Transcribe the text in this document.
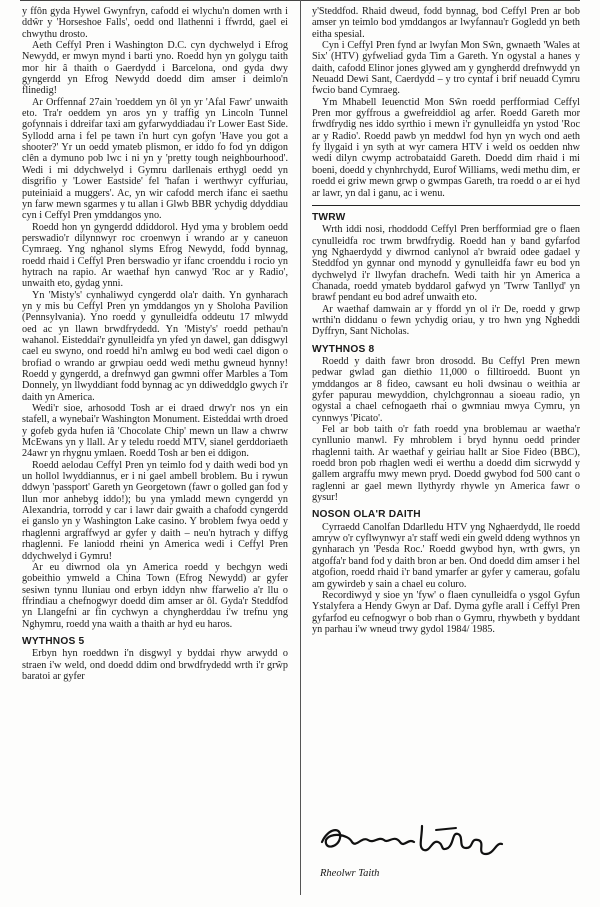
y ffôn gyda Hywel Gwynfryn, cafodd ei wlychu'n domen wrth i ddŵr y 'Horseshoe Falls', oedd ond llathenni i ffwrdd, gael ei chwythu drosto.

Aeth Ceffyl Pren i Washington D.C. cyn dychwelyd i Efrog Newydd, er mwyn mynd i barti yno. Roedd hyn yn golygu taith mor hir â thaith o Gaerdydd i Barcelona, ond gyda dwy gyngerdd yn Efrog Newydd doedd dim amser i deimlo'n flinedig!

Ar Orffennaf 27ain 'roeddem yn ôl yn yr 'Afal Fawr' unwaith eto. Tra'r oeddem yn aros yn y traffig yn Lincoln Tunnel gofynnais i ddreifar taxi am gyfarwyddiadau i'r Lower East Side. Syllodd arna i fel pe tawn i'n hurt cyn gofyn 'Have you got a shooter?' Yr un oedd ymateb plismon, er iddo fo fod yn ddigon clên a dymuno pob lwc i ni yn y 'pretty tough neighbourhood'. Wedi i mi ddychwelyd i Gymru darllenais erthygl oedd yn disgrifio y 'Lower Eastside' fel 'hafan i werthwyr cyffuriau, puteiniaid a muggers'. Ac, yn wir cafodd merch ifanc ei saethu yn farw mewn sgarmes y tu allan i Glwb BBR ychydig ddyddiau cyn i Ceffyl Pren ymddangos yno.

Roedd hon yn gyngerdd ddiddorol. Hyd yma y broblem oedd perswadio'r dilynnwyr roc croenwyn i wrando ar y caneuon Cymraeg. Yng nghanol slyms Efrog Newydd, fodd bynnag, roedd rhaid i Ceffyl Pren berswadio yr ifanc croenddu i rocio yn hytrach na rapio. Ar waethaf hyn canwyd 'Roc ar y Radio', unwaith eto, gydag ynni.

Yn 'Misty's' cynhaliwyd cyngerdd ola'r daith. Yn gynharach yn y mis bu Ceffyl Pren yn ymddangos yn y Sholoha Pavilion (Pennsylvania). Yno roedd y gynulleidfa oddeutu 17 mlwydd oed ac yn llawn brwdfrydedd. Yn 'Misty's' roedd pethau'n wahanol. Eisteddai'r gynulleidfa yn yfed yn dawel, gan ddisgwyl cael eu swyno, ond roedd hi'n amlwg eu bod wedi cael digon o brofiad o wrando ar grwpiau oedd wedi methu gwneud hynny! Roedd y gyngerdd, a drefnwyd gan gwmni offer Marbles a Tom Donnely, yn llwyddiant fodd bynnag ac yn ddiweddglo gwych i'r daith yn America.

Wedi'r sioe, arhosodd Tosh ar ei draed drwy'r nos yn ein stafell, a wynebai'r Washington Monument. Eisteddai wrth droed y gofeb gyda hufen iâ 'Chocolate Chip' mewn un llaw a chwrw McEwans yn y llall. Ar y teledu roedd MTV, sianel gerddoriaeth 24awr yn rhygnu ymlaen. Roedd Tosh ar ben ei ddigon.

Roedd aelodau Ceffyl Pren yn teimlo fod y daith wedi bod yn un hollol lwyddiannus, er i ni gael ambell broblem. Bu i rywun ddwyn 'passport' Gareth yn Georgetown (fawr o golled gan fod y llun mor anhebyg iddo!); bu yna ymladd mewn cyngerdd yn Alexandria, torrodd y car i lawr dair gwaith a chafodd cyngerdd ei ganslo yn y Washington Lake casino. Y broblem fwya oedd y rhaglenni argraffwyd ar gyfer y daith – neu'n hytrach y diffyg rhaglenni. Fe laniodd rheini yn America wedi i Ceffyl Pren ddychwelyd i Gymru!

Ar eu diwrnod ola yn America roedd y bechgyn wedi gobeithio ymweld a China Town (Efrog Newydd) ar gyfer sesiwn tynnu lluniau ond erbyn iddyn nhw ffarwelio a'r llu o ffrindiau a chefnogwyr doedd dim amser ar ôl. Gyda'r Steddfod yn Llangefni ar fin cychwyn a chyngherddau i'w trefnu yng Nghymru, roedd yna waith a thaith ar hyd eu haros.

WYTHNOS 5

Erbyn hyn roeddwn i'n disgwyl y byddai rhyw arwydd o straen i'w weld, ond doedd ddim ond brwdfrydedd wrth i'r grŵp baratoi ar gyfer

y'Steddfod. Rhaid dweud, fodd bynnag, bod Ceffyl Pren ar bob amser yn teimlo bod ymddangos ar lwyfannau'r Gogledd yn beth eitha spesial.

Cyn i Ceffyl Pren fynd ar lwyfan Mon Sŵn, gwnaeth 'Wales at Six' (HTV) gyfweliad gyda Tim a Gareth. Yn ogystal a hanes y daith, cafodd Elinor jones glywed am y gyngherdd drefnwydd yn Neuadd Dewi Sant, Caerdydd – y tro cyntaf i brif neuadd Cymru fwcio band Cymraeg.

Ym Mhabell Ieuenctid Mon Sŵn roedd perfformiad Ceffyl Pren mor gyffrous a gwefreiddiol ag arfer. Roedd Gareth mor frwdfrydig nes iddo syrthio i mewn i'r gynulleidfa yn ystod 'Roc ar y Radio'. Roedd pawb yn meddwl fod hyn yn wych ond aeth fy llygaid i yn syth at wyr camera HTV i weld os oedden nhw wedi dilyn cwymp actrobataidd Gareth. Doedd dim rhaid i mi boeni, doedd y chynhrchydd, Eurof Williams, wedi methu dim, er roedd ei griw mewn grwp o gwmpas Gareth, tra roedd o ar ei hyd ar lawr, yn dal i ganu, ac i wenu.

TWRW

Wrth iddi nosi, rhoddodd Ceffyl Pren berfformiad gre o flaen cynulleidfa roc trwm brwdfrydig. Roedd han y band gyfarfod yng Nghaerdydd y diwrnod canlynol a'r bwraid odee gadael y Steddfod yn gynnar ond mynodd y gynulleidfa fawr eu bod yn dychwelyd i'r llwyfan drachefn. Wedi taith hir yn America a Chanada, roedd ymateb byddarol gafwyd yn 'Twrw Tanllyd' yn brawf pendant eu bod adref unwaith eto.

Ar waethaf damwain ar y ffordd yn ol i'r De, roedd y grwp wrthi'n diddanu o fewn ychydig oriau, y tro hwn yng Ngheddi Dyffryn, Sant Nicholas.

WYTHNOS 8

Roedd y daith fawr bron drosodd. Bu Ceffyl Pren mewn pedwar gwlad gan diethio 11,000 o filltiroedd. Buont yn ymddangos ar 8 fideo, cawsant eu holi dwsinau o weithia ar gyfer papurau mewyddion, chylchgronnau a sioeau radio, yn ogystal a chael cefnogaeth rhai o gwmniau mwya Cymru, yn cynnwys 'Picato'.

Fel ar bob taith o'r fath roedd yna broblemau ar waetha'r cynllunio manwl. Fy mhroblem i bryd hynnu oedd prinder rhaglenni taith. Ar waethaf y geiriau hallt ar Sioe Fideo (BBC), roedd bron pob rhaglen wedi ei werthu a doedd dim sicrwydd y gallem argraffu mwy mewn pryd. Doedd gwybod fod 500 cant o raglenni ar gael mewn llythyrdy rhywle yn America fawr o gysur!

NOSON OLA'R DAITH

Cyrraedd Canolfan Ddarlledu HTV yng Nghaerdydd, lle roedd amryw o'r cyflwynwyr a'r staff wedi ein gweld ddeng wythnos yn gynharach yn 'Pesda Roc.' Roedd gwybod hyn, wrth gwrs, yn atgoffa'r band fod y daith bron ar ben. Ond doedd dim amser i hel atgofion, roedd rhaid i'r band ymarfer ar gyfer y camerau, gofalu am gywirdeb y sain a chael eu coluro.

Recordiwyd y sioe yn 'fyw' o flaen cynulleidfa o ysgol Gyfun Ystalyfera a Hendy Gwyn ar Daf. Dyma gyfle arall i Ceffyl Pren gyfarfod eu cefnogwyr o bob rhan o Gymru, rhywbeth y byddant yn parhau i'w wneud trwy gydol 1984/ 1985.

Rheolwr Taith
